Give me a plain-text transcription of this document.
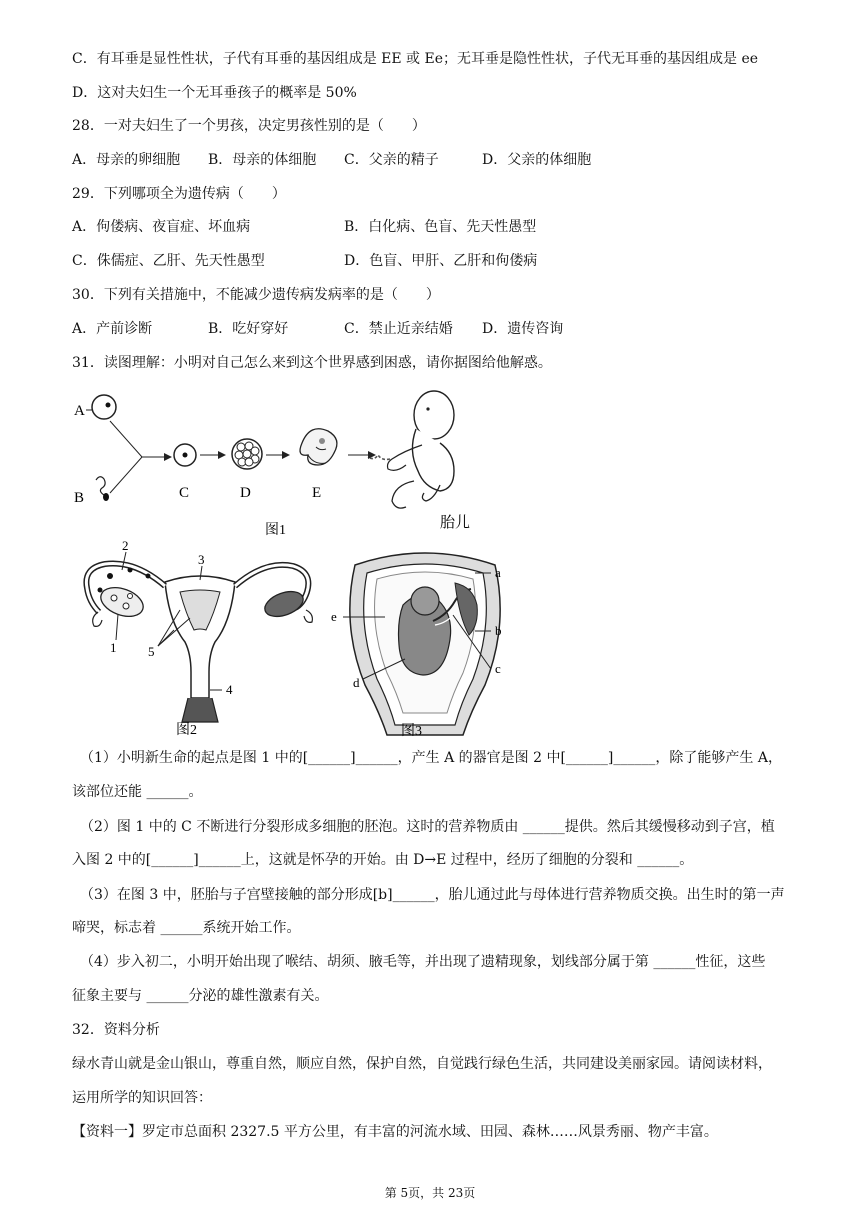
C．有耳垂是显性性状，子代有耳垂的基因组成是 EE 或 Ee；无耳垂是隐性性状，子代无耳垂的基因组成是 ee
D．这对夫妇生一个无耳垂孩子的概率是 50%
28．一对夫妇生了一个男孩，决定男孩性别的是（　　）
A．母亲的卵细胞 B．母亲的体细胞 C．父亲的精子	D．父亲的体细胞
29．下列哪项全为遗传病（　　）
A．佝偻病、夜盲症、坏血病	B．白化病、色盲、先天性愚型
C．侏儒症、乙肝、先天性愚型	D．色盲、甲肝、乙肝和佝偻病
30．下列有关措施中，不能减少遗传病发病率的是（　　）
A．产前诊断	B．吃好穿好	C．禁止近亲结婚 D．遗传咨询
31．读图理解：小明对自己怎么来到这个世界感到困惑，请你据图给他解惑。
A
B	C	D	E
胎儿
图1
2
3
1 5
4
图2
a
b
c
e
d
图3
（1）小明新生命的起点是图 1 中的[______]______，产生 A 的器官是图 2 中[______]______，除了能够产生 A，
该部位还能 ______。
（2）图 1 中的 C 不断进行分裂形成多细胞的胚泡。这时的营养物质由 ______提供。然后其缓慢移动到子宫，植
入图 2 中的[______]______上，这就是怀孕的开始。由 D→E 过程中，经历了细胞的分裂和 ______。
（3）在图 3 中，胚胎与子宫壁接触的部分形成[b]______，胎儿通过此与母体进行营养物质交换。出生时的第一声
啼哭，标志着 ______系统开始工作。
（4）步入初二，小明开始出现了喉结、胡须、腋毛等，并出现了遗精现象，划线部分属于第 ______性征，这些
征象主要与 ______分泌的雄性激素有关。
32．资料分析
绿水青山就是金山银山，尊重自然，顺应自然，保护自然，自觉践行绿色生活，共同建设美丽家园。请阅读材料，
运用所学的知识回答：
【资料一】罗定市总面积 2327.5 平方公里，有丰富的河流水域、田园、森林……风景秀丽、物产丰富。
第 5页，共 23页
